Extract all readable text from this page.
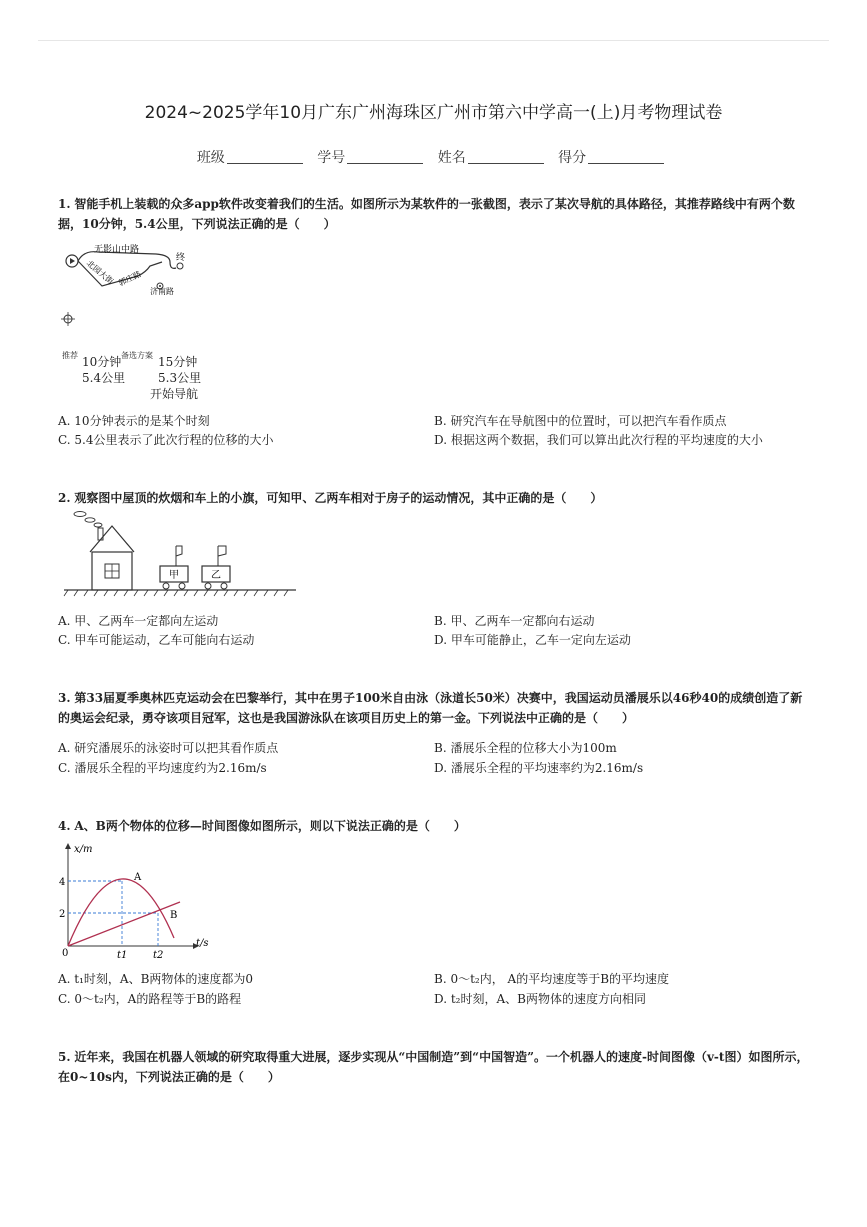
2024~2025学年10月广东广州海珠区广州市第六中学高一(上)月考物理试卷
班级	学号	姓名	得分
1. 智能手机上装载的众多app软件改变着我们的生活。如图所示为某软件的一张截图，表示了某次导航的具体路径，其推荐路线中有两个数据，10分钟，5.4公里，下列说法正确的是（　　）
无影山中路
北园大街
济南路
郭庄路
终
推荐 10分钟
5.4公里
备选方案 15分钟
5.3公里
开始导航
A. 10分钟表示的是某个时刻	B. 研究汽车在导航图中的位置时，可以把汽车看作质点
C. 5.4公里表示了此次行程的位移的大小	D. 根据这两个数据，我们可以算出此次行程的平均速度的大小
2. 观察图中屋顶的炊烟和车上的小旗，可知甲、乙两车相对于房子的运动情况，其中正确的是（　　）
甲	乙
A. 甲、乙两车一定都向左运动	B. 甲、乙两车一定都向右运动
C. 甲车可能运动，乙车可能向右运动	D. 甲车可能静止，乙车一定向左运动
3. 第33届夏季奥林匹克运动会在巴黎举行，其中在男子100米自由泳（泳道长50米）决赛中，我国运动员潘展乐以46秒40的成绩创造了新的奥运会纪录，勇夺该项目冠军，这也是我国游泳队在该项目历史上的第一金。下列说法中正确的是（　　）
A. 研究潘展乐的泳姿时可以把其看作质点	B. 潘展乐全程的位移大小为100m
C. 潘展乐全程的平均速度约为2.16m/s	D. 潘展乐全程的平均速率约为2.16m/s
4. A、B两个物体的位移—时间图像如图所示，则以下说法正确的是（　　）
x/m
t/s
0
4
2
A
B
t1	t2
A. t₁时刻，A、B两物体的速度都为0	B. 0～t₂内， A的平均速度等于B的平均速度
C. 0～t₂内，A的路程等于B的路程	D. t₂时刻，A、B两物体的速度方向相同
5. 近年来，我国在机器人领域的研究取得重大进展，逐步实现从“中国制造”到“中国智造”。一个机器人的速度-时间图像（v-t图）如图所示，在0~10s内，下列说法正确的是（　　）
